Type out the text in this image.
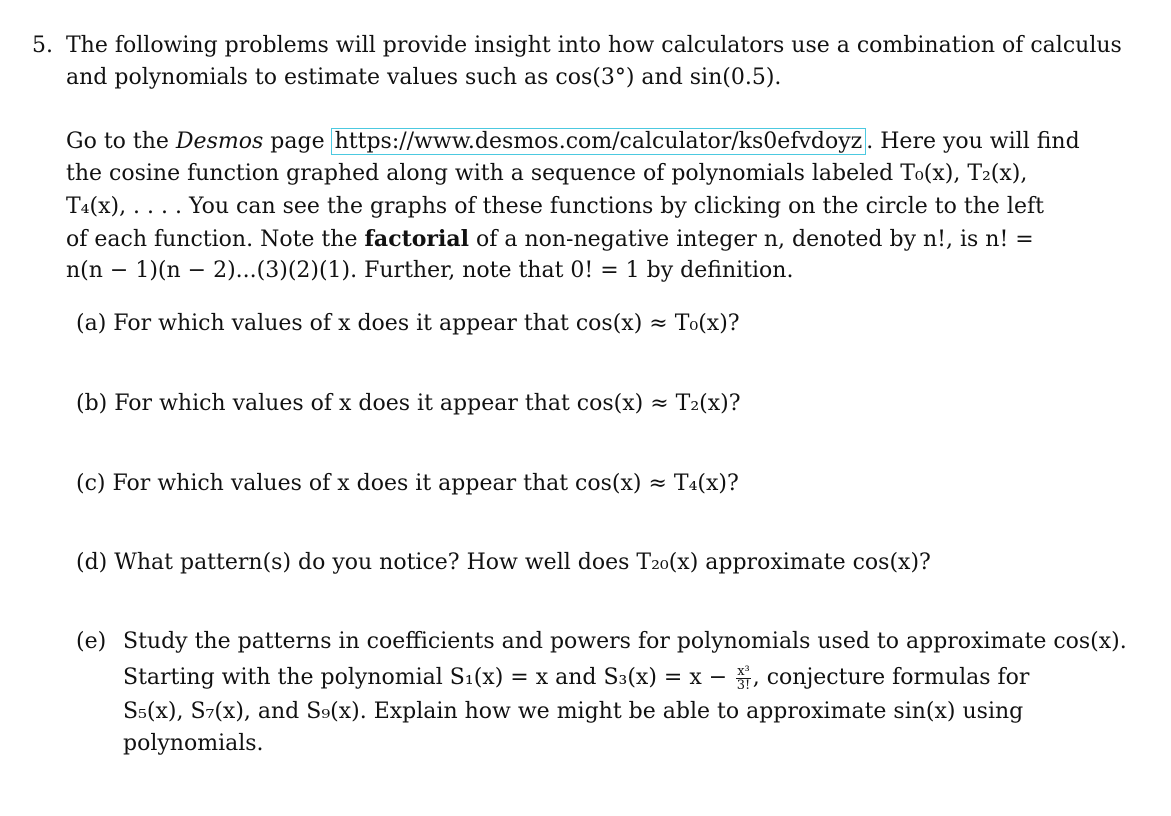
5. The following problems will provide insight into how calculators use a combination of calculus
and polynomials to estimate values such as cos(3°) and sin(0.5).
Go to the Desmos page https://www.desmos.com/calculator/ks0efvdoyz . Here you will find
the cosine function graphed along with a sequence of polynomials labeled T₀(x), T₂(x),
T₄(x), . . . . You can see the graphs of these functions by clicking on the circle to the left
of each function. Note the factorial of a non-negative integer n, denoted by n!, is n! =
n(n − 1)(n − 2)...(3)(2)(1). Further, note that 0! = 1 by definition.
(a) For which values of x does it appear that cos(x) ≈ T₀(x)?
(b) For which values of x does it appear that cos(x) ≈ T₂(x)?
(c) For which values of x does it appear that cos(x) ≈ T₄(x)?
(d) What pattern(s) do you notice? How well does T₂₀(x) approximate cos(x)?
(e) Study the patterns in coefficients and powers for polynomials used to approximate cos(x).
Starting with the polynomial S₁(x) = x and $S_3(x) = x - \frac{\text{x³}}{3!}$ , conjecture formulas for
S₅(x), S₇(x), and S₉(x). Explain how we might be able to approximate sin(x) using
polynomials.
